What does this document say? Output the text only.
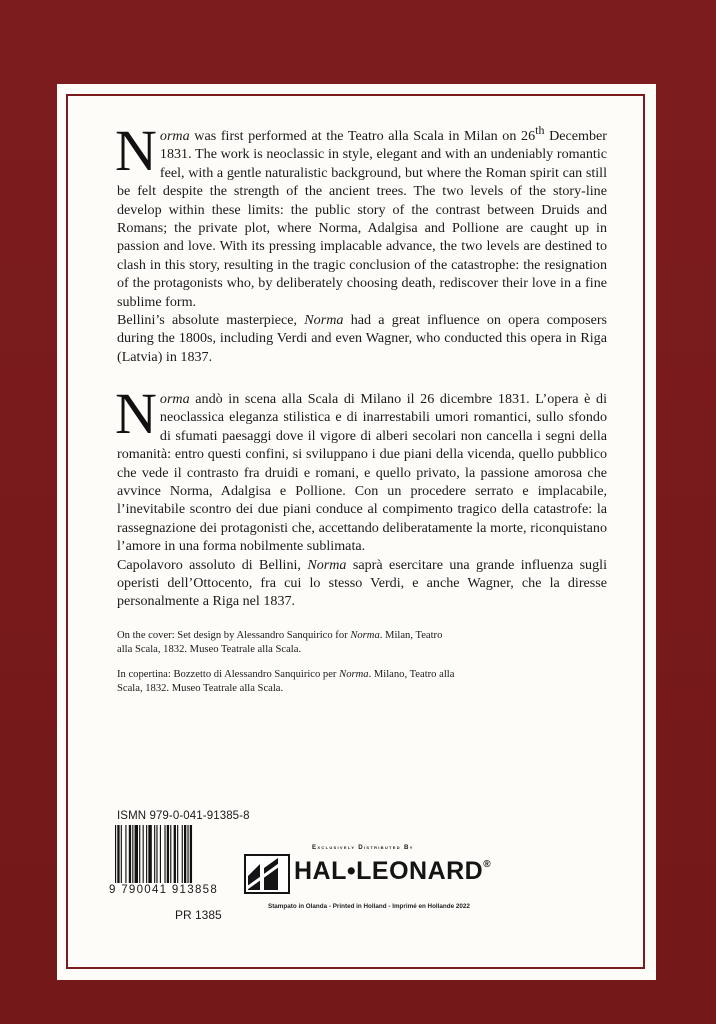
Norma was first performed at the Teatro alla Scala in Milan on 26th December 1831. The work is neoclassic in style, elegant and with an undeniably romantic feel, with a gentle naturalistic background, but where the Roman spirit can still be felt despite the strength of the ancient trees. The two levels of the story-line develop within these limits: the public story of the contrast between Druids and Romans; the private plot, where Norma, Adalgisa and Pollione are caught up in passion and love. With its pressing implacable advance, the two levels are destined to clash in this story, resulting in the tragic conclusion of the catastrophe: the resignation of the protagonists who, by deliberately choosing death, rediscover their love in a fine sublime form.

Bellini’s absolute masterpiece, Norma had a great influence on opera composers during the 1800s, including Verdi and even Wagner, who conducted this opera in Riga (Latvia) in 1837.

Norma andò in scena alla Scala di Milano il 26 dicembre 1831. L’opera è di neoclassica eleganza stilistica e di inarrestabili umori romantici, sullo sfondo di sfumati paesaggi dove il vigore di alberi secolari non cancella i segni della romanità: entro questi confini, si sviluppano i due piani della vicenda, quello pubblico che vede il contrasto fra druidi e romani, e quello privato, la passione amorosa che avvince Norma, Adalgisa e Pollione. Con un procedere serrato e implacabile, l’inevitabile scontro dei due piani conduce al compimento tragico della catastrofe: la rassegnazione dei protagonisti che, accettando deliberatamente la morte, riconquistano l’amore in una forma nobilmente sublimata.

Capolavoro assoluto di Bellini, Norma saprà esercitare una grande influenza sugli operisti dell’Ottocento, fra cui lo stesso Verdi, e anche Wagner, che la diresse personalmente a Riga nel 1837.

On the cover: Set design by Alessandro Sanquirico for Norma. Milan, Teatro alla Scala, 1832. Museo Teatrale alla Scala.

In copertina: Bozzetto di Alessandro Sanquirico per Norma. Milano, Teatro alla Scala, 1832. Museo Teatrale alla Scala.

ISMN 979-0-041-91385-8
9 790041 913858
PR 1385
Exclusively Distributed By
HAL•LEONARD®
Stampato in Olanda - Printed in Holland - Imprimé en Hollande 2022
